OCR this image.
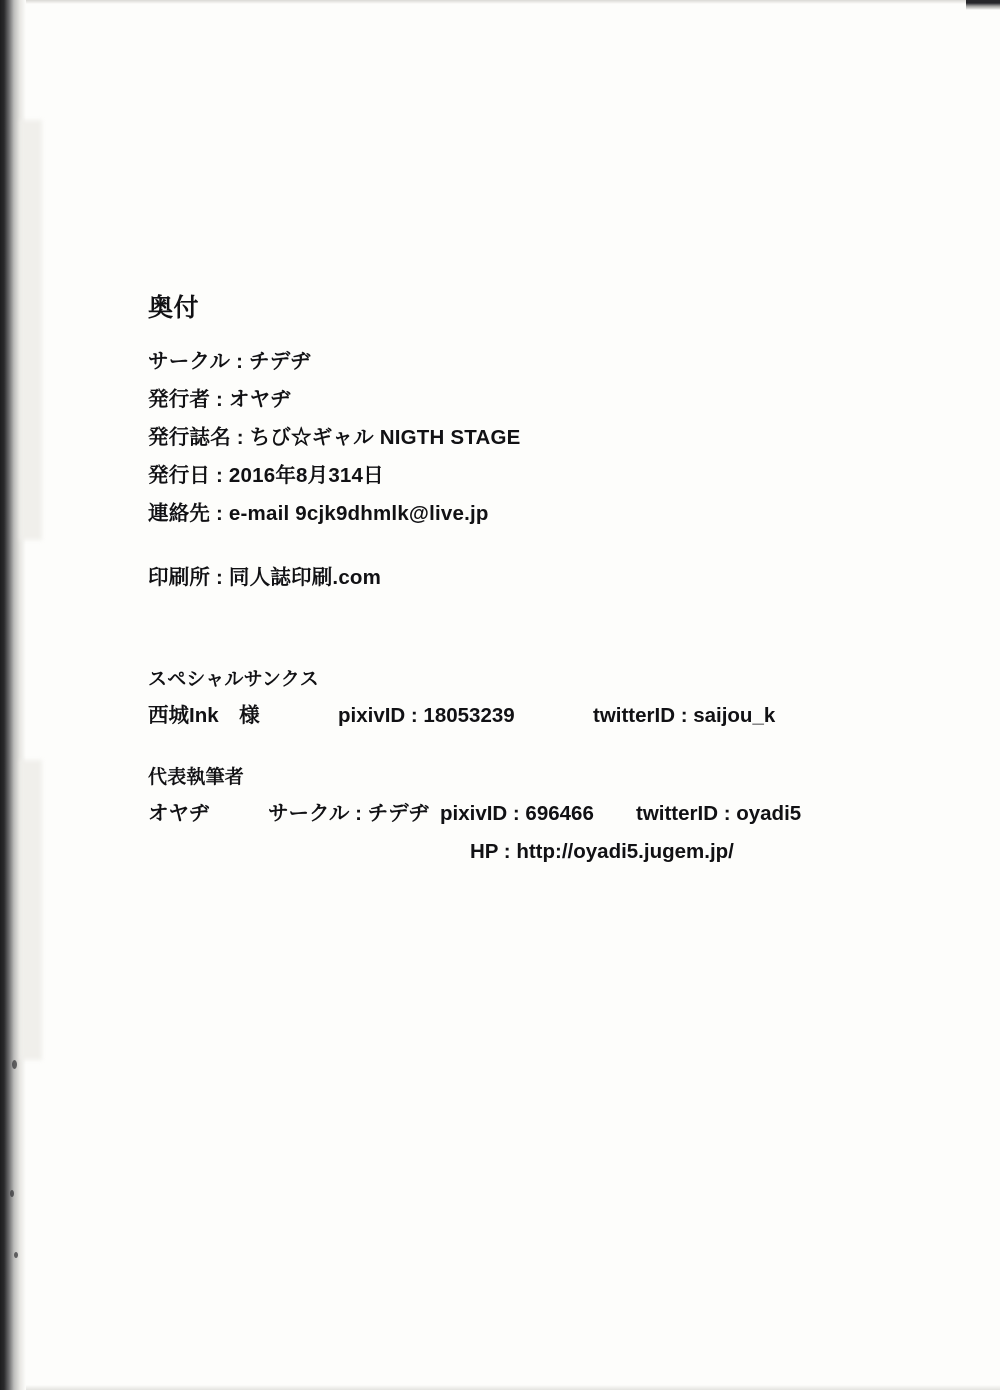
奥付
サークル : チデヂ
発行者 : オヤヂ
発行誌名 : ちび☆ギャル NIGTH STAGE
発行日 : 2016年8月314日
連絡先 : e-mail 9cjk9dhmlk@live.jp
印刷所 : 同人誌印刷.com
スペシャルサンクス
西城Ink　様	pixivID : 18053239	twitterID : saijou_k
代表執筆者
オヤヂ	サークル : チデヂ pixivID : 696466	twitterID : oyadi5
HP : http://oyadi5.jugem.jp/
